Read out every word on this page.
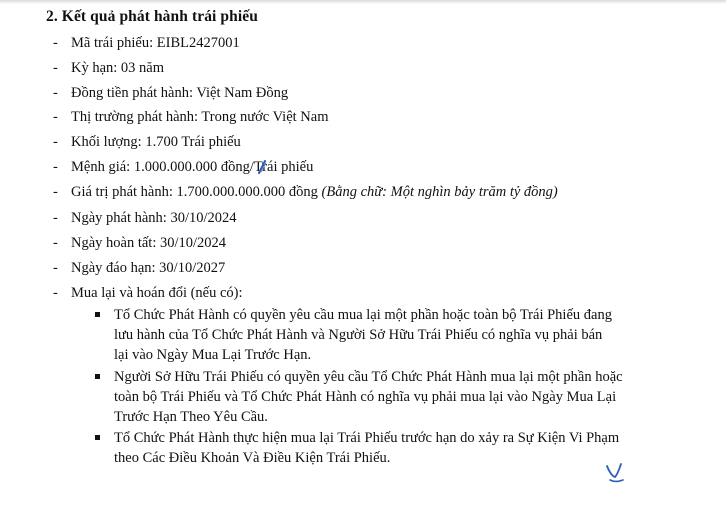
2. Kết quả phát hành trái phiếu
- Mã trái phiếu: EIBL2427001
- Kỳ hạn: 03 năm
- Đồng tiền phát hành: Việt Nam Đồng
- Thị trường phát hành: Trong nước Việt Nam
- Khối lượng: 1.700 Trái phiếu
- Mệnh giá: 1.000.000.000 đồng/Trái phiếu
- Giá trị phát hành: 1.700.000.000.000 đồng (Bằng chữ: Một nghìn bảy trăm tỷ đồng)
- Ngày phát hành: 30/10/2024
- Ngày hoàn tất: 30/10/2024
- Ngày đáo hạn: 30/10/2027
- Mua lại và hoán đổi (nếu có):
Tổ Chức Phát Hành có quyền yêu cầu mua lại một phần hoặc toàn bộ Trái Phiếu đang
lưu hành của Tổ Chức Phát Hành và Người Sở Hữu Trái Phiếu có nghĩa vụ phải bán
lại vào Ngày Mua Lại Trước Hạn.
Người Sở Hữu Trái Phiếu có quyền yêu cầu Tổ Chức Phát Hành mua lại một phần hoặc
toàn bộ Trái Phiếu và Tổ Chức Phát Hành có nghĩa vụ phải mua lại vào Ngày Mua Lại
Trước Hạn Theo Yêu Cầu.
Tổ Chức Phát Hành thực hiện mua lại Trái Phiếu trước hạn do xảy ra Sự Kiện Vi Phạm
theo Các Điều Khoản Và Điều Kiện Trái Phiếu.
